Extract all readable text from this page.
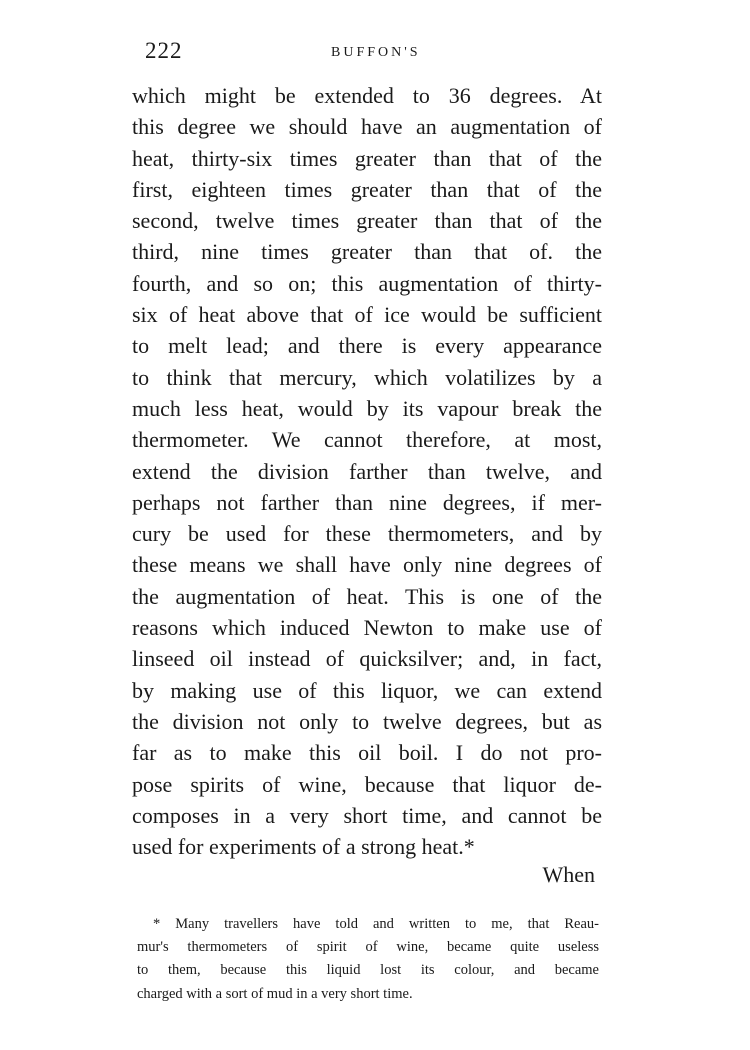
222	BUFFON'S
which might be extended to 36 degrees. At
this degree we should have an augmentation of
heat, thirty-six times greater than that of the
first, eighteen times greater than that of the
second, twelve times greater than that of the
third, nine times greater than that of. the
fourth, and so on; this augmentation of thirty-
six of heat above that of ice would be sufficient
to melt lead; and there is every appearance
to think that mercury, which volatilizes by a
much less heat, would by its vapour break the
thermometer. We cannot therefore, at most,
extend the division farther than twelve, and
perhaps not farther than nine degrees, if mer-
cury be used for these thermometers, and by
these means we shall have only nine degrees of
the augmentation of heat. This is one of the
reasons which induced Newton to make use of
linseed oil instead of quicksilver; and, in fact,
by making use of this liquor, we can extend
the division not only to twelve degrees, but as
far as to make this oil boil. I do not pro-
pose spirits of wine, because that liquor de-
composes in a very short time, and cannot be
used for experiments of a strong heat.*
When
* Many travellers have told and written to me, that Reau-
mur's thermometers of spirit of wine, became quite useless
to them, because this liquid lost its colour, and became
charged with a sort of mud in a very short time.
